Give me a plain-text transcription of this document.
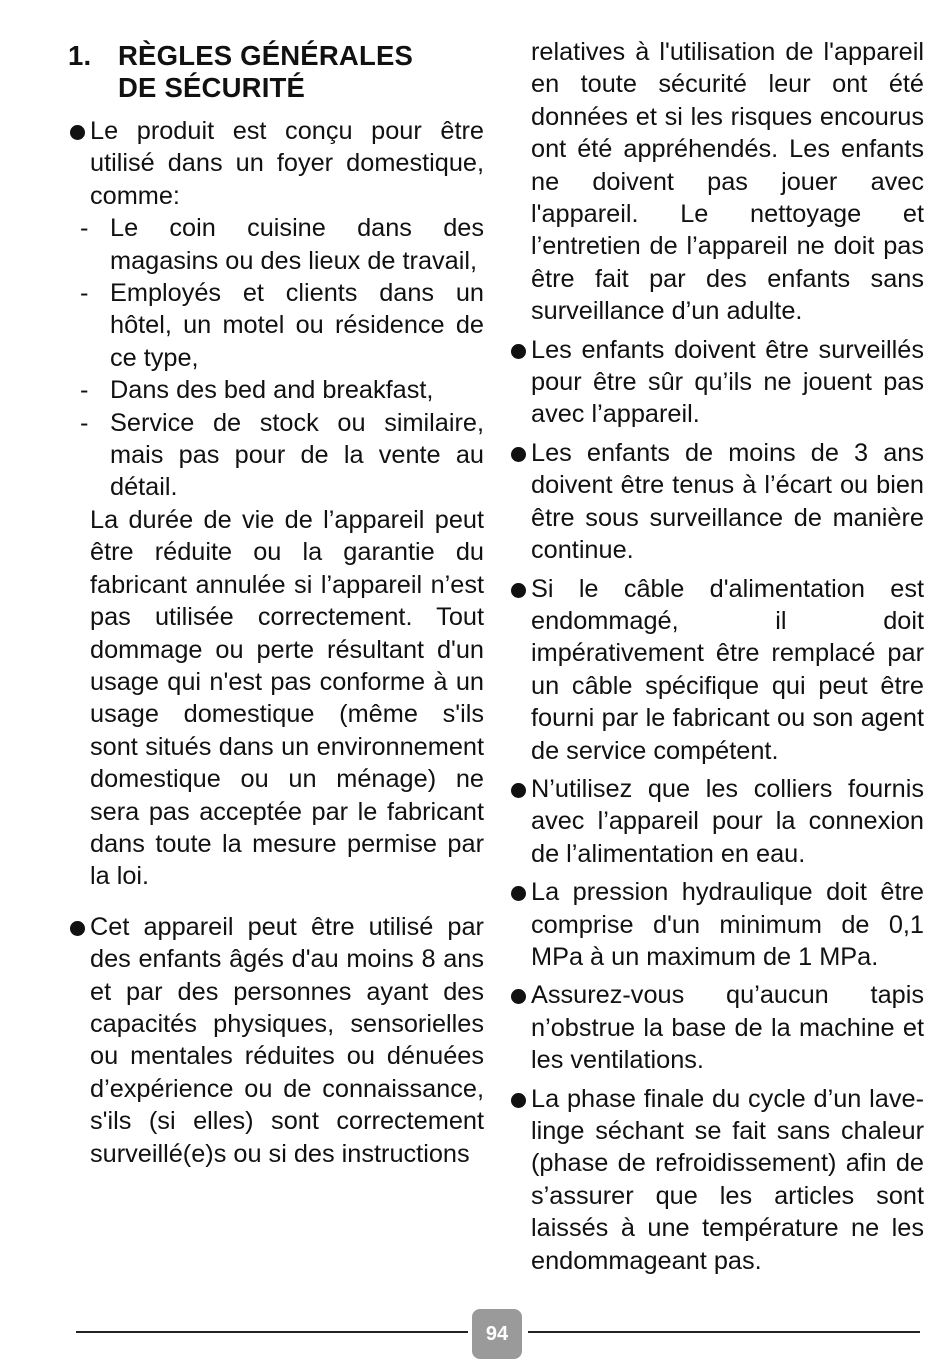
1. RÈGLES GÉNÉRALES
DE SÉCURITÉ

Le produit est conçu pour être utilisé dans un foyer domestique, comme:

- Le coin cuisine dans des magasins ou des lieux de travail,
- Employés et clients dans un hôtel, un motel ou résidence de ce type,
- Dans des bed and breakfast,
- Service de stock ou similaire, mais pas pour de la vente au détail.

La durée de vie de l’appareil peut être réduite ou la garantie du fabricant annulée si l’appareil n’est pas utilisée correctement. Tout dommage ou perte résultant d'un usage qui n'est pas conforme à un usage domestique (même s'ils sont situés dans un environnement domestique ou un ménage) ne sera pas acceptée par le fabricant dans toute la mesure permise par la loi.

Cet appareil peut être utilisé par des enfants âgés d'au moins 8 ans et par des personnes ayant des capacités physiques, sensorielles ou mentales réduites ou dénuées d’expérience ou de connaissance, s'ils (si elles) sont correctement surveillé(e)s ou si des instructions

relatives à l'utilisation de l'appareil en toute sécurité leur ont été données et si les risques encourus ont été appréhendés. Les enfants ne doivent pas jouer avec l'appareil. Le nettoyage et l’entretien de l’appareil ne doit pas être fait par des enfants sans surveillance d’un adulte.

Les enfants doivent être surveillés pour être sûr qu’ils ne jouent pas avec l’appareil.

Les enfants de moins de 3 ans doivent être tenus à l’écart ou bien être sous surveillance de manière continue.

Si le câble d'alimentation est endommagé, il doit impérativement être remplacé par un câble spécifique qui peut être fourni par le fabricant ou son agent de service compétent.

N’utilisez que les colliers fournis avec l’appareil pour la connexion de l’alimentation en eau.

La pression hydraulique doit être comprise d'un minimum de 0,1 MPa à un maximum de 1 MPa.

Assurez-vous qu’aucun tapis n’obstrue la base de la machine et les ventilations.

La phase finale du cycle d’un lave-linge séchant se fait sans chaleur (phase de refroidissement) afin de s’assurer que les articles sont laissés à une température ne les endommageant pas.

94
